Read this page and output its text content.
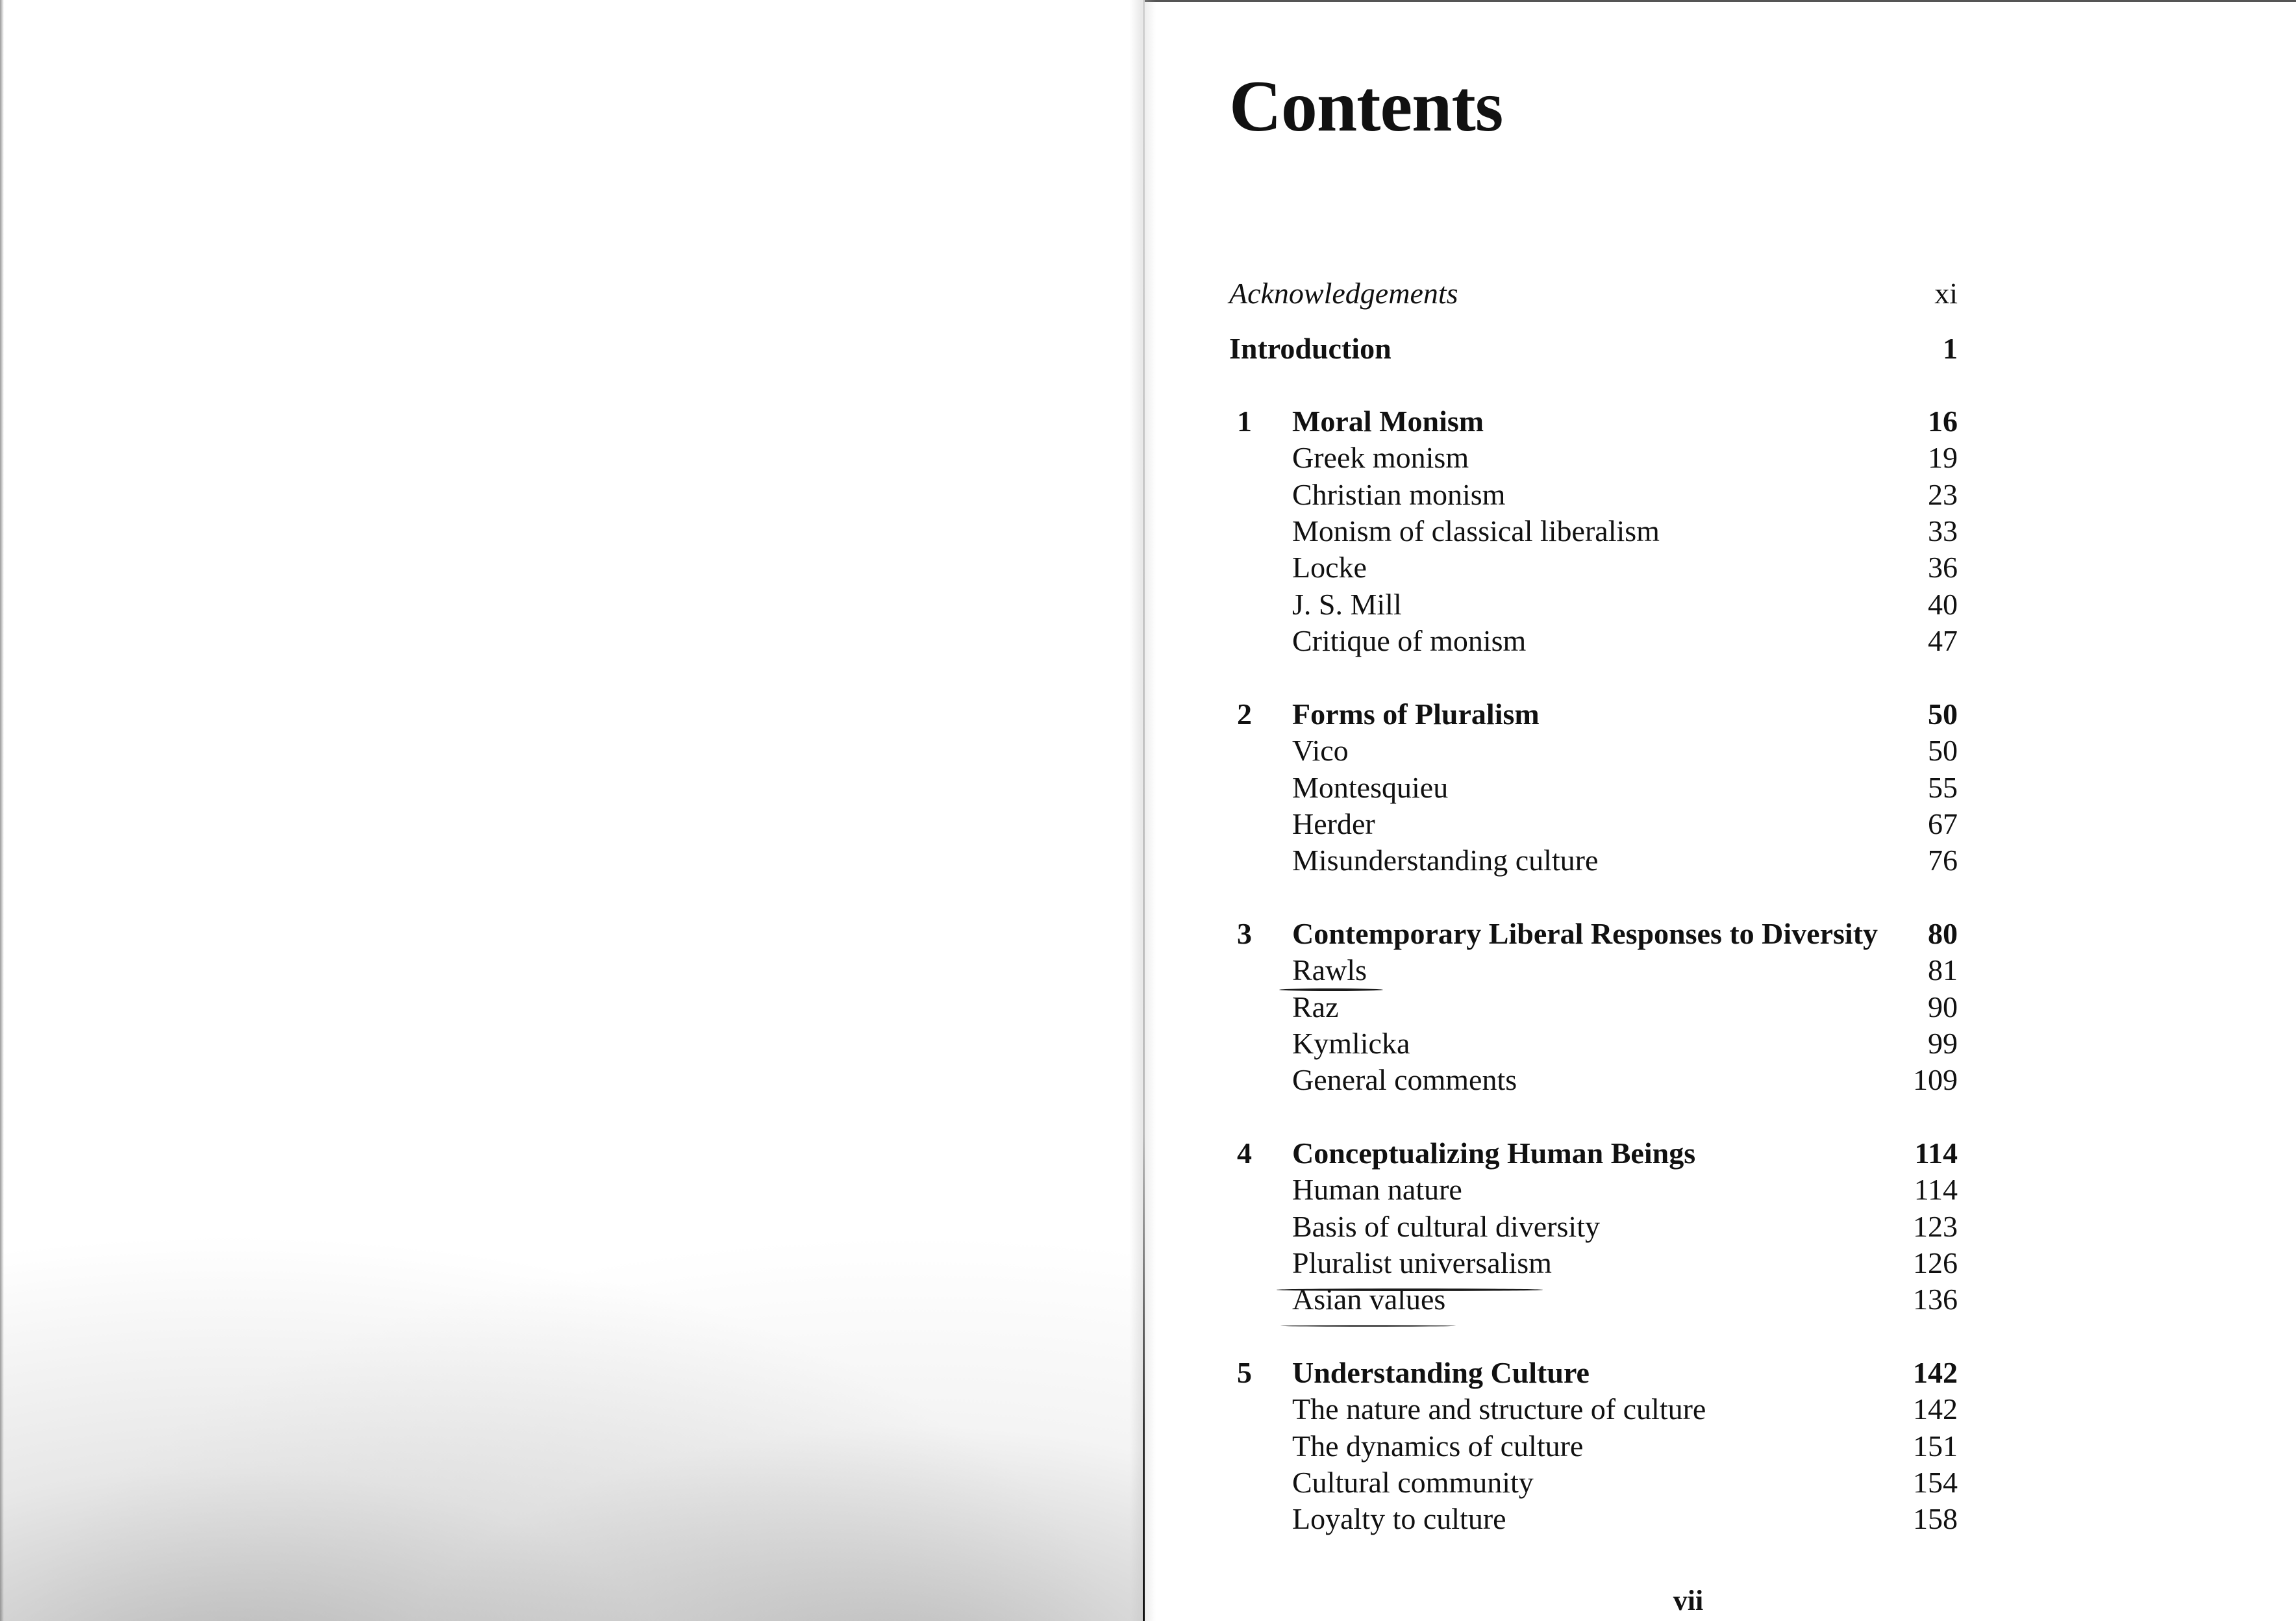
Contents
Acknowledgements	xi
Introduction	1
1 Moral Monism	16
Greek monism	19
Christian monism	23
Monism of classical liberalism	33
Locke	36
J. S. Mill	40
Critique of monism	47
2 Forms of Pluralism	50
Vico	50
Montesquieu	55
Herder	67
Misunderstanding culture	76
3 Contemporary Liberal Responses to Diversity 80
Rawls	81
Raz	90
Kymlicka	99
General comments	109
4 Conceptualizing Human Beings	114
Human nature	114
Basis of cultural diversity	123
Pluralist universalism	126
Asian values	136
5 Understanding Culture	142
The nature and structure of culture	142
The dynamics of culture	151
Cultural community	154
Loyalty to culture	158
vii
